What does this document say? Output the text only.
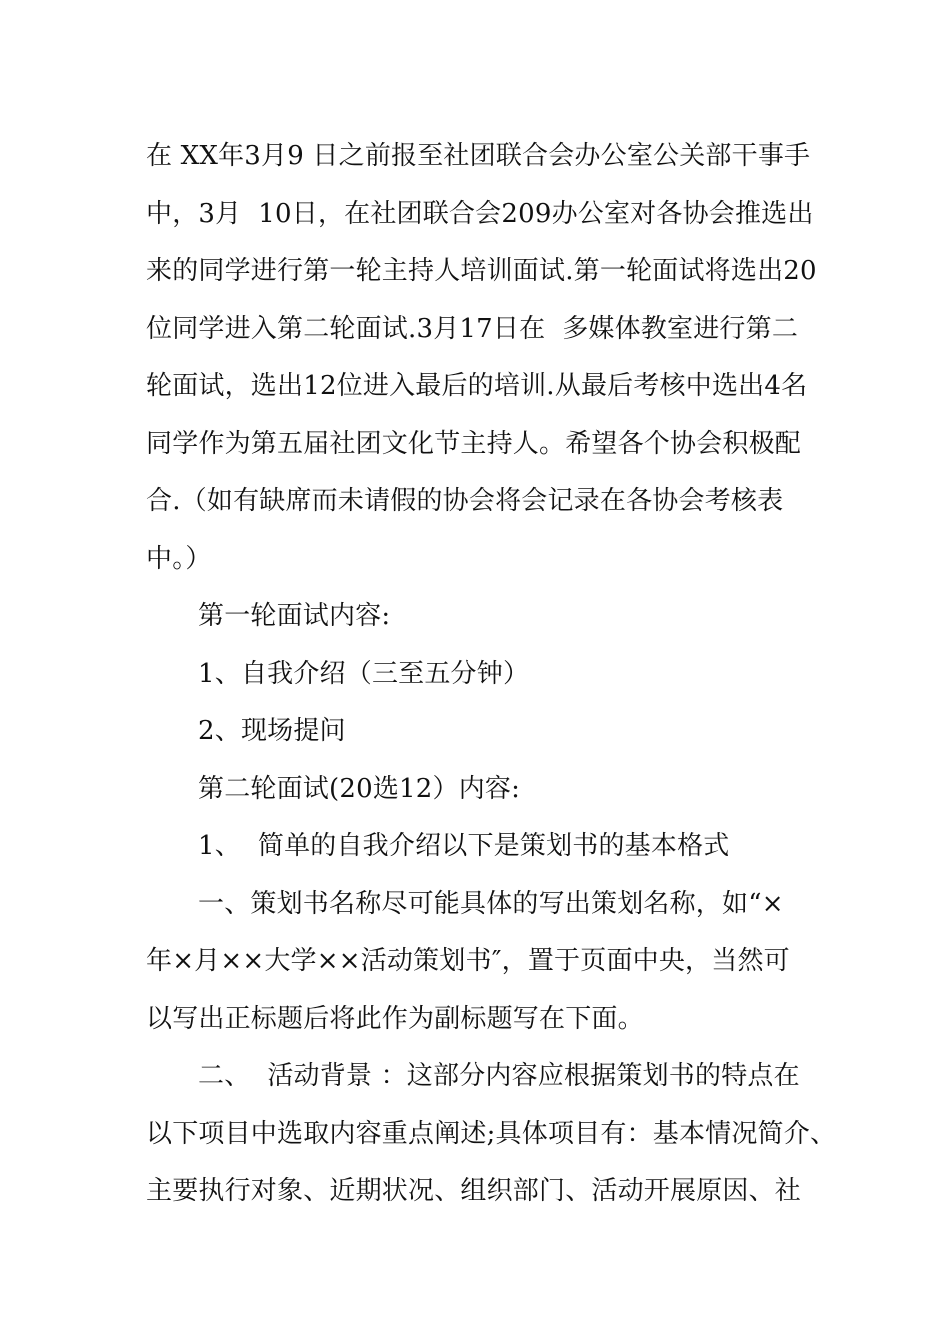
在 XX年3月9 日之前报至社团联合会办公室公关部干事手
中，3月  10日，在社团联合会209办公室对各协会推选出
来的同学进行第一轮主持人培训面试.第一轮面试将选出20
位同学进入第二轮面试.3月17日在  多媒体教室进行第二
轮面试，选出12位进入最后的培训.从最后考核中选出4名
同学作为第五届社团文化节主持人。希望各个协会积极配
合.（如有缺席而未请假的协会将会记录在各协会考核表
中。）
第一轮面试内容:
1、自我介绍（三至五分钟）
2、现场提问
第二轮面试(20选12）内容:
1、  简单的自我介绍以下是策划书的基本格式
一、策划书名称尽可能具体的写出策划名称，如“×
年×月××大学××活动策划书″，置于页面中央，当然可
以写出正标题后将此作为副标题写在下面。
二、  活动背景 ：这部分内容应根据策划书的特点在
以下项目中选取内容重点阐述;具体项目有：基本情况简介、
主要执行对象、近期状况、组织部门、活动开展原因、社
